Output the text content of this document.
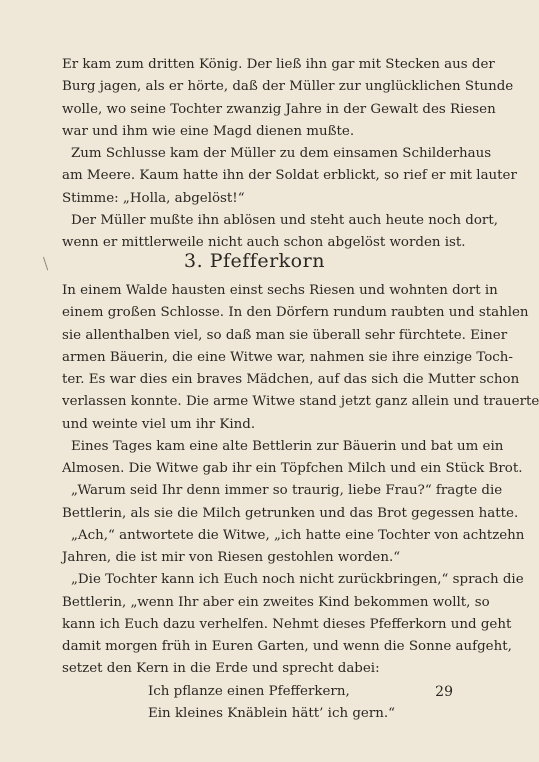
Er kam zum dritten König. Der ließ ihn gar mit Stecken aus der
Burg jagen, als er hörte, daß der Müller zur unglücklichen Stunde
wolle, wo seine Tochter zwanzig Jahre in der Gewalt des Riesen
war und ihm wie eine Magd dienen mußte.
Zum Schlusse kam der Müller zu dem einsamen Schilderhaus
am Meere. Kaum hatte ihn der Soldat erblickt, so rief er mit lauter
Stimme: „Holla, abgelöst!“
Der Müller mußte ihn ablösen und steht auch heute noch dort,
wenn er mittlerweile nicht auch schon abgelöst worden ist.
3. Pfefferkorn
In einem Walde hausten einst sechs Riesen und wohnten dort in
einem großen Schlosse. In den Dörfern rundum raubten und stahlen
sie allenthalben viel, so daß man sie überall sehr fürchtete. Einer
armen Bäuerin, die eine Witwe war, nahmen sie ihre einzige Toch-
ter. Es war dies ein braves Mädchen, auf das sich die Mutter schon
verlassen konnte. Die arme Witwe stand jetzt ganz allein und trauerte
und weinte viel um ihr Kind.
Eines Tages kam eine alte Bettlerin zur Bäuerin und bat um ein
Almosen. Die Witwe gab ihr ein Töpfchen Milch und ein Stück Brot.
„Warum seid Ihr denn immer so traurig, liebe Frau?“ fragte die
Bettlerin, als sie die Milch getrunken und das Brot gegessen hatte.
„Ach,“ antwortete die Witwe, „ich hatte eine Tochter von achtzehn
Jahren, die ist mir von Riesen gestohlen worden.“
„Die Tochter kann ich Euch noch nicht zurückbringen,“ sprach die
Bettlerin, „wenn Ihr aber ein zweites Kind bekommen wollt, so
kann ich Euch dazu verhelfen. Nehmt dieses Pfefferkorn und geht
damit morgen früh in Euren Garten, und wenn die Sonne aufgeht,
setzet den Kern in die Erde und sprecht dabei:
Ich pflanze einen Pfefferkern,
Ein kleines Knäblein hätt’ ich gern.“
29
